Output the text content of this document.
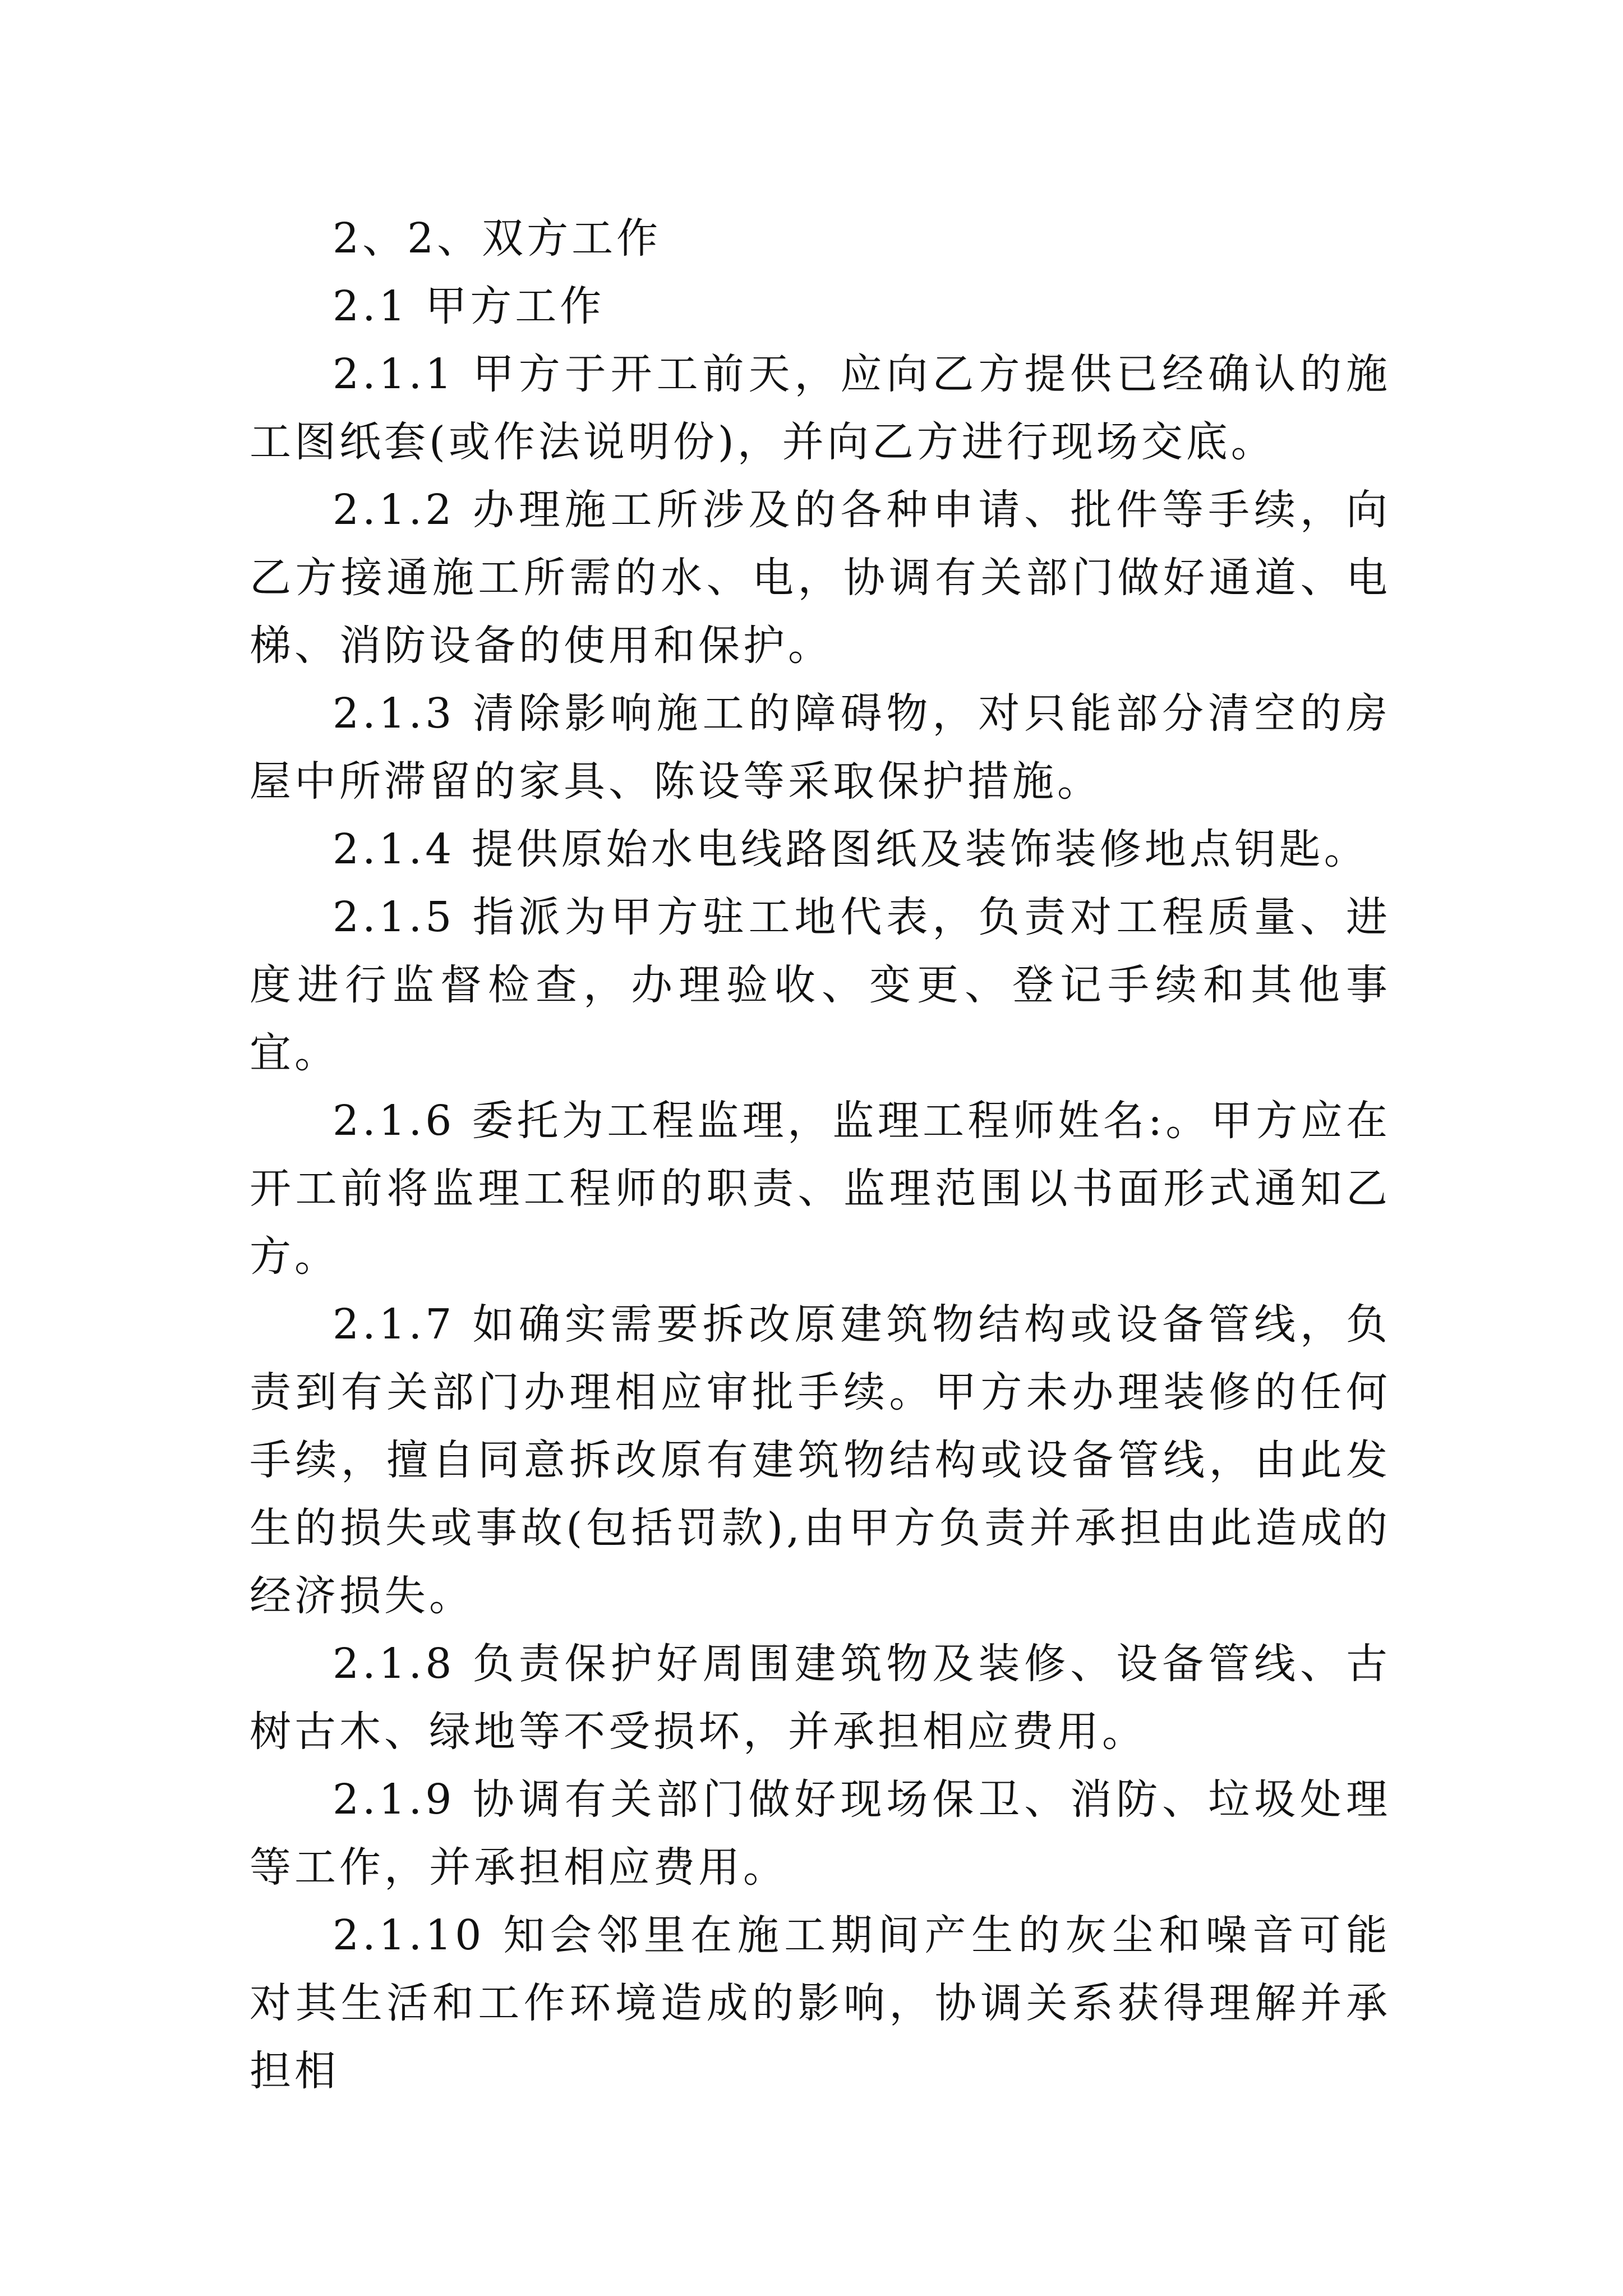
2、2、双方工作

2.1 甲方工作

2.1.1 甲方于开工前天，应向乙方提供已经确认的施工图纸套(或作法说明份)，并向乙方进行现场交底。

2.1.2 办理施工所涉及的各种申请、批件等手续，向乙方接通施工所需的水、电，协调有关部门做好通道、电梯、消防设备的使用和保护。

2.1.3 清除影响施工的障碍物，对只能部分清空的房屋中所滞留的家具、陈设等采取保护措施。

2.1.4 提供原始水电线路图纸及装饰装修地点钥匙。

2.1.5 指派为甲方驻工地代表，负责对工程质量、进度进行监督检查，办理验收、变更、登记手续和其他事宜。

2.1.6 委托为工程监理，监理工程师姓名:。甲方应在开工前将监理工程师的职责、监理范围以书面形式通知乙方。

2.1.7 如确实需要拆改原建筑物结构或设备管线，负责到有关部门办理相应审批手续。甲方未办理装修的任何手续，擅自同意拆改原有建筑物结构或设备管线，由此发生的损失或事故(包括罚款),由甲方负责并承担由此造成的经济损失。

2.1.8 负责保护好周围建筑物及装修、设备管线、古树古木、绿地等不受损坏，并承担相应费用。

2.1.9 协调有关部门做好现场保卫、消防、垃圾处理等工作，并承担相应费用。

2.1.10 知会邻里在施工期间产生的灰尘和噪音可能对其生活和工作环境造成的影响，协调关系获得理解并承担相
